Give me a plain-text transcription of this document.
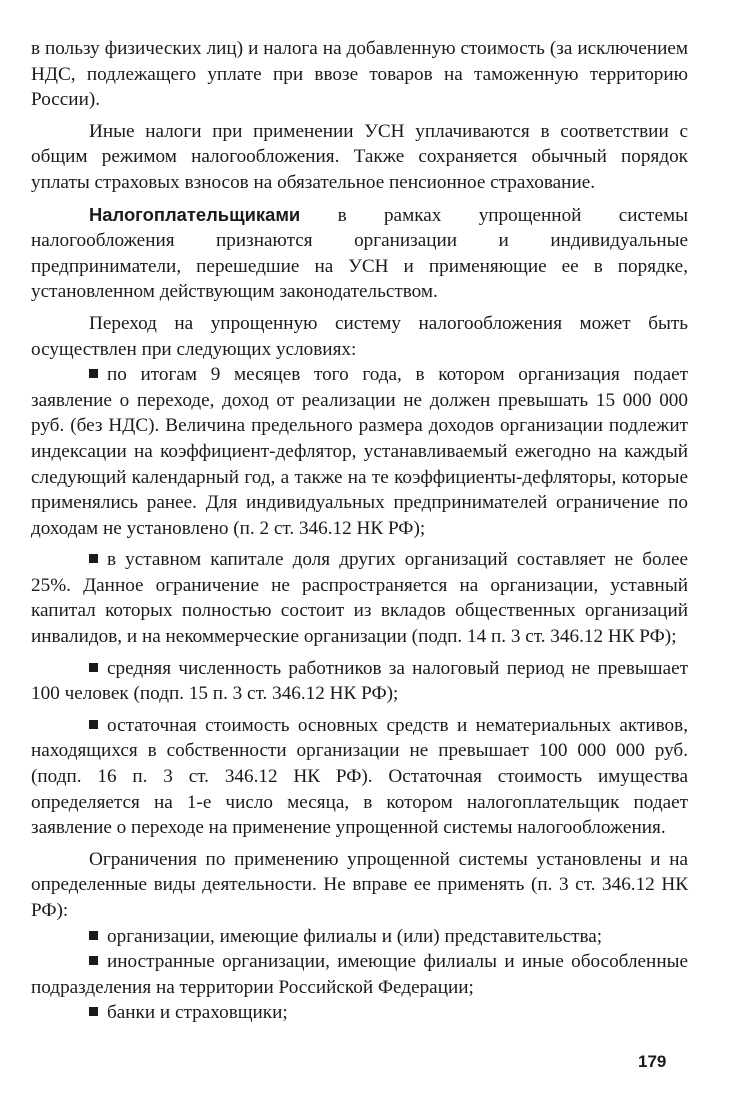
в пользу физических лиц) и налога на добавленную стоимость (за исключением НДС, подлежащего уплате при ввозе товаров на таможенную территорию России).

Иные налоги при применении УСН уплачиваются в соответствии с общим режимом налогообложения. Также сохраняется обычный порядок уплаты страховых взносов на обязательное пенсионное страхование.

Налогоплательщиками в рамках упрощенной системы налогообложения признаются организации и индивидуальные предприниматели, перешедшие на УСН и применяющие ее в порядке, установленном действующим законодательством.

Переход на упрощенную систему налогообложения может быть осуществлен при следующих условиях:

по итогам 9 месяцев того года, в котором организация подает заявление о переходе, доход от реализации не должен превышать 15 000 000 руб. (без НДС). Величина предельного размера доходов организации подлежит индексации на коэффициент-дефлятор, устанавливаемый ежегодно на каждый следующий календарный год, а также на те коэффициенты-дефляторы, которые применялись ранее. Для индивидуальных предпринимателей ограничение по доходам не установлено (п. 2 ст. 346.12 НК РФ);

в уставном капитале доля других организаций составляет не более 25%. Данное ограничение не распространяется на организации, уставный капитал которых полностью состоит из вкладов общественных организаций инвалидов, и на некоммерческие организации (подп. 14 п. 3 ст. 346.12 НК РФ);

средняя численность работников за налоговый период не превышает 100 человек (подп. 15 п. 3 ст. 346.12 НК РФ);

остаточная стоимость основных средств и нематериальных активов, находящихся в собственности организации не превышает 100 000 000 руб. (подп. 16 п. 3 ст. 346.12 НК РФ). Остаточная стоимость имущества определяется на 1-е число месяца, в котором налогоплательщик подает заявление о переходе на применение упрощенной системы налогообложения.

Ограничения по применению упрощенной системы установлены и на определенные виды деятельности. Не вправе ее применять (п. 3 ст. 346.12 НК РФ):

организации, имеющие филиалы и (или) представительства;

иностранные организации, имеющие филиалы и иные обособленные подразделения на территории Российской Федерации;

банки и страховщики;

179
